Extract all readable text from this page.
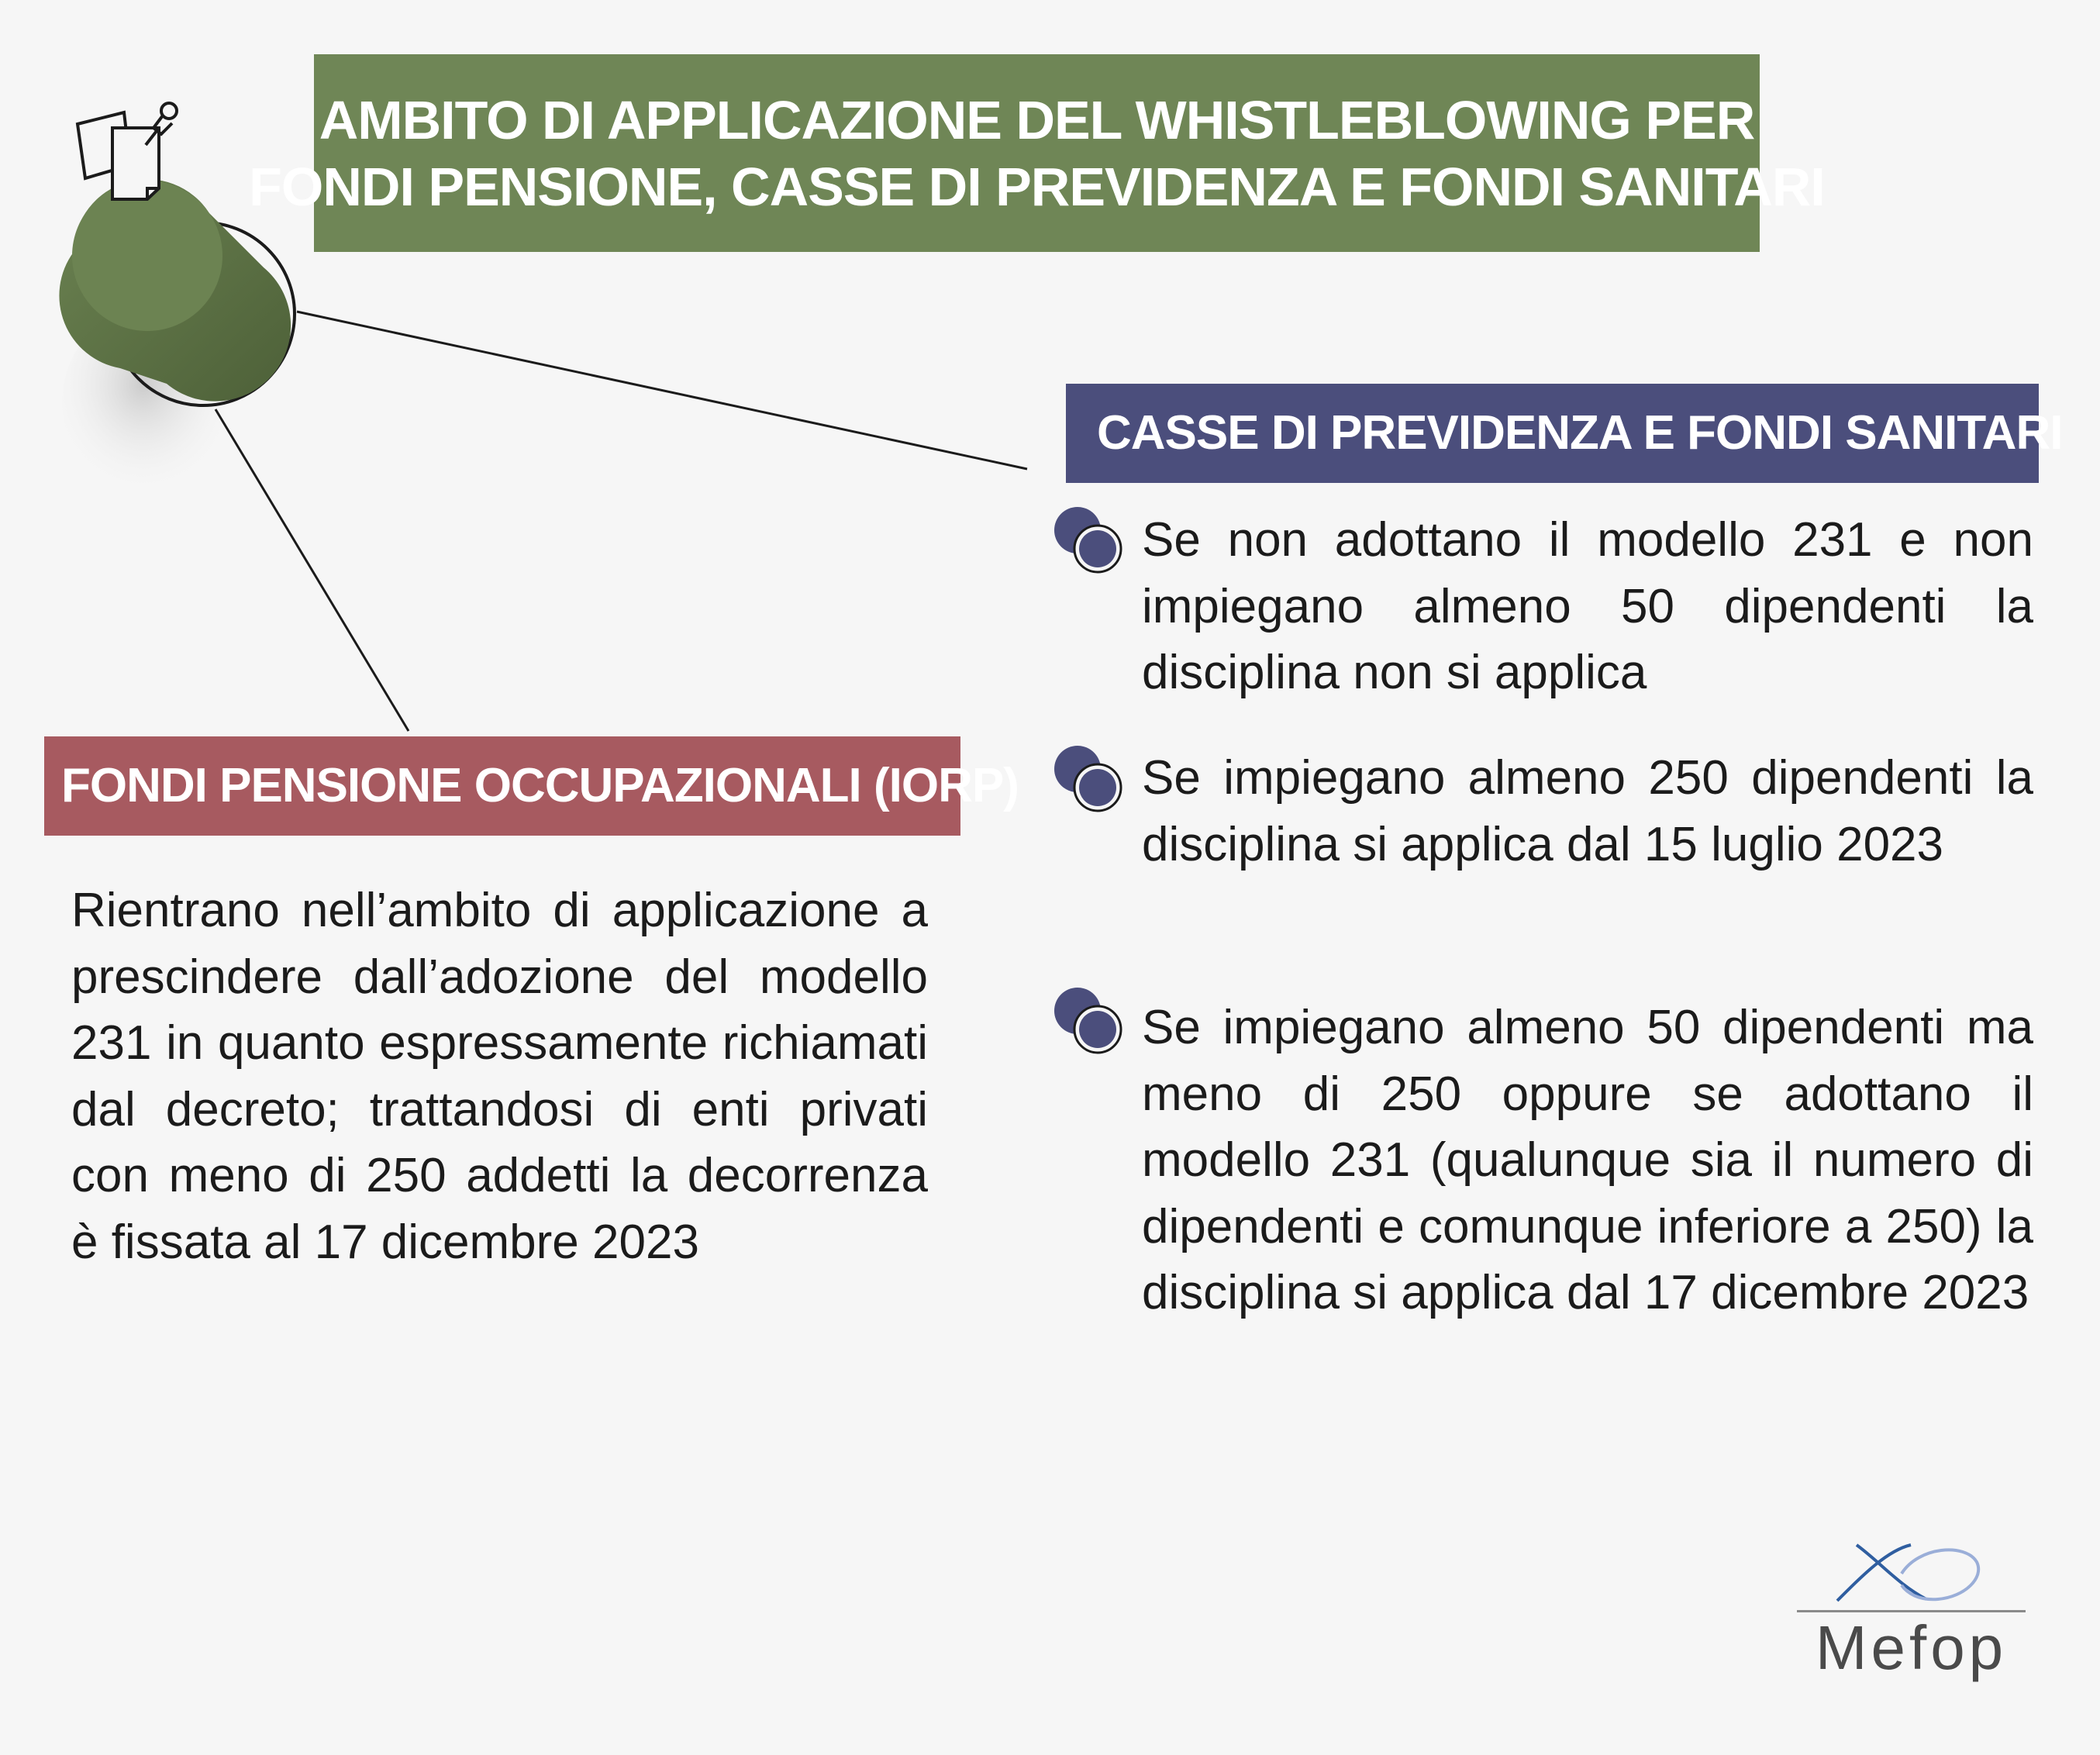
AMBITO DI APPLICAZIONE DEL WHISTLEBLOWING PER
FONDI PENSIONE, CASSE DI PREVIDENZA E FONDI SANITARI
CASSE DI PREVIDENZA E FONDI SANITARI
Se non adottano il modello 231 e non impiegano almeno 50 dipendenti la disciplina non si applica
Se impiegano almeno 250 dipendenti la disciplina si applica dal 15 luglio 2023
Se impiegano almeno 50 dipendenti ma meno di 250 oppure se adottano il modello 231 (qualunque sia il numero di dipendenti e comunque inferiore a 250) la disciplina si applica dal 17 dicembre 2023
FONDI PENSIONE OCCUPAZIONALI (IORP)
Rientrano nell’ambito di applicazione a prescindere dall’adozione del modello 231 in quanto espressamente richiamati dal decreto; trattandosi di enti privati con meno di 250 addetti la decorrenza è fissata al 17 dicembre 2023
Mefop
